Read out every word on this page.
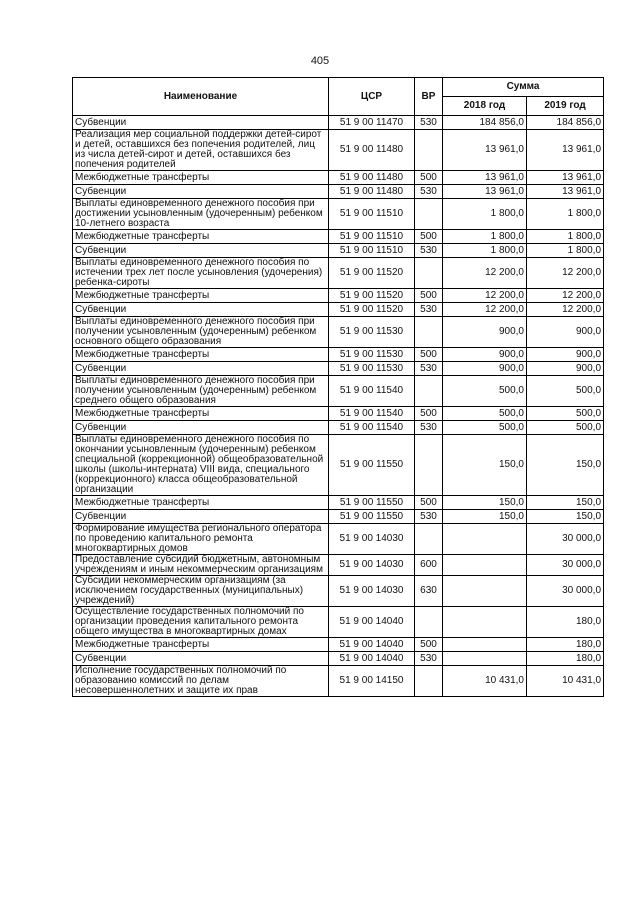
405
Наименование	ЦСР	ВР	Сумма	
			2018 год	2019 год
Субвенции	51 9 00 11470	530	184 856,0	184 856,0
Реализация мер социальной поддержки детей-сирот и детей, оставшихся без попечения родителей, лиц из числа детей-сирот и детей, оставшихся без попечения родителей	51 9 00 11480		13 961,0	13 961,0
Межбюджетные трансферты	51 9 00 11480	500	13 961,0	13 961,0
Субвенции	51 9 00 11480	530	13 961,0	13 961,0
Выплаты единовременного денежного пособия при достижении усыновленным (удочеренным) ребенком 10-летнего возраста	51 9 00 11510		1 800,0	1 800,0
Межбюджетные трансферты	51 9 00 11510	500	1 800,0	1 800,0
Субвенции	51 9 00 11510	530	1 800,0	1 800,0
Выплаты единовременного денежного пособия по истечении трех лет после усыновления (удочерения) ребенка-сироты	51 9 00 11520		12 200,0	12 200,0
Межбюджетные трансферты	51 9 00 11520	500	12 200,0	12 200,0
Субвенции	51 9 00 11520	530	12 200,0	12 200,0
Выплаты единовременного денежного пособия при получении усыновленным (удочеренным) ребенком основного общего образования	51 9 00 11530		900,0	900,0
Межбюджетные трансферты	51 9 00 11530	500	900,0	900,0
Субвенции	51 9 00 11530	530	900,0	900,0
Выплаты единовременного денежного пособия при получении усыновленным (удочеренным) ребенком среднего общего образования	51 9 00 11540		500,0	500,0
Межбюджетные трансферты	51 9 00 11540	500	500,0	500,0
Субвенции	51 9 00 11540	530	500,0	500,0
Выплаты единовременного денежного пособия по окончании усыновленным (удочеренным) ребенком специальной (коррекционной) общеобразовательной школы (школы-интерната) VIII вида, специального (коррекционного) класса общеобразовательной организации	51 9 00 11550		150,0	150,0
Межбюджетные трансферты	51 9 00 11550	500	150,0	150,0
Субвенции	51 9 00 11550	530	150,0	150,0
Формирование имущества регионального оператора по проведению капитального ремонта многоквартирных домов	51 9 00 14030			30 000,0
Предоставление субсидий бюджетным, автономным учреждениям и иным некоммерческим организациям	51 9 00 14030	600		30 000,0
Субсидии некоммерческим организациям (за исключением государственных (муниципальных) учреждений)	51 9 00 14030	630		30 000,0
Осуществление государственных полномочий по организации проведения капитального ремонта общего имущества в многоквартирных домах	51 9 00 14040			180,0
Межбюджетные трансферты	51 9 00 14040	500		180,0
Субвенции	51 9 00 14040	530		180,0
Исполнение государственных полномочий по образованию комиссий по делам несовершеннолетних и защите их прав	51 9 00 14150		10 431,0	10 431,0
